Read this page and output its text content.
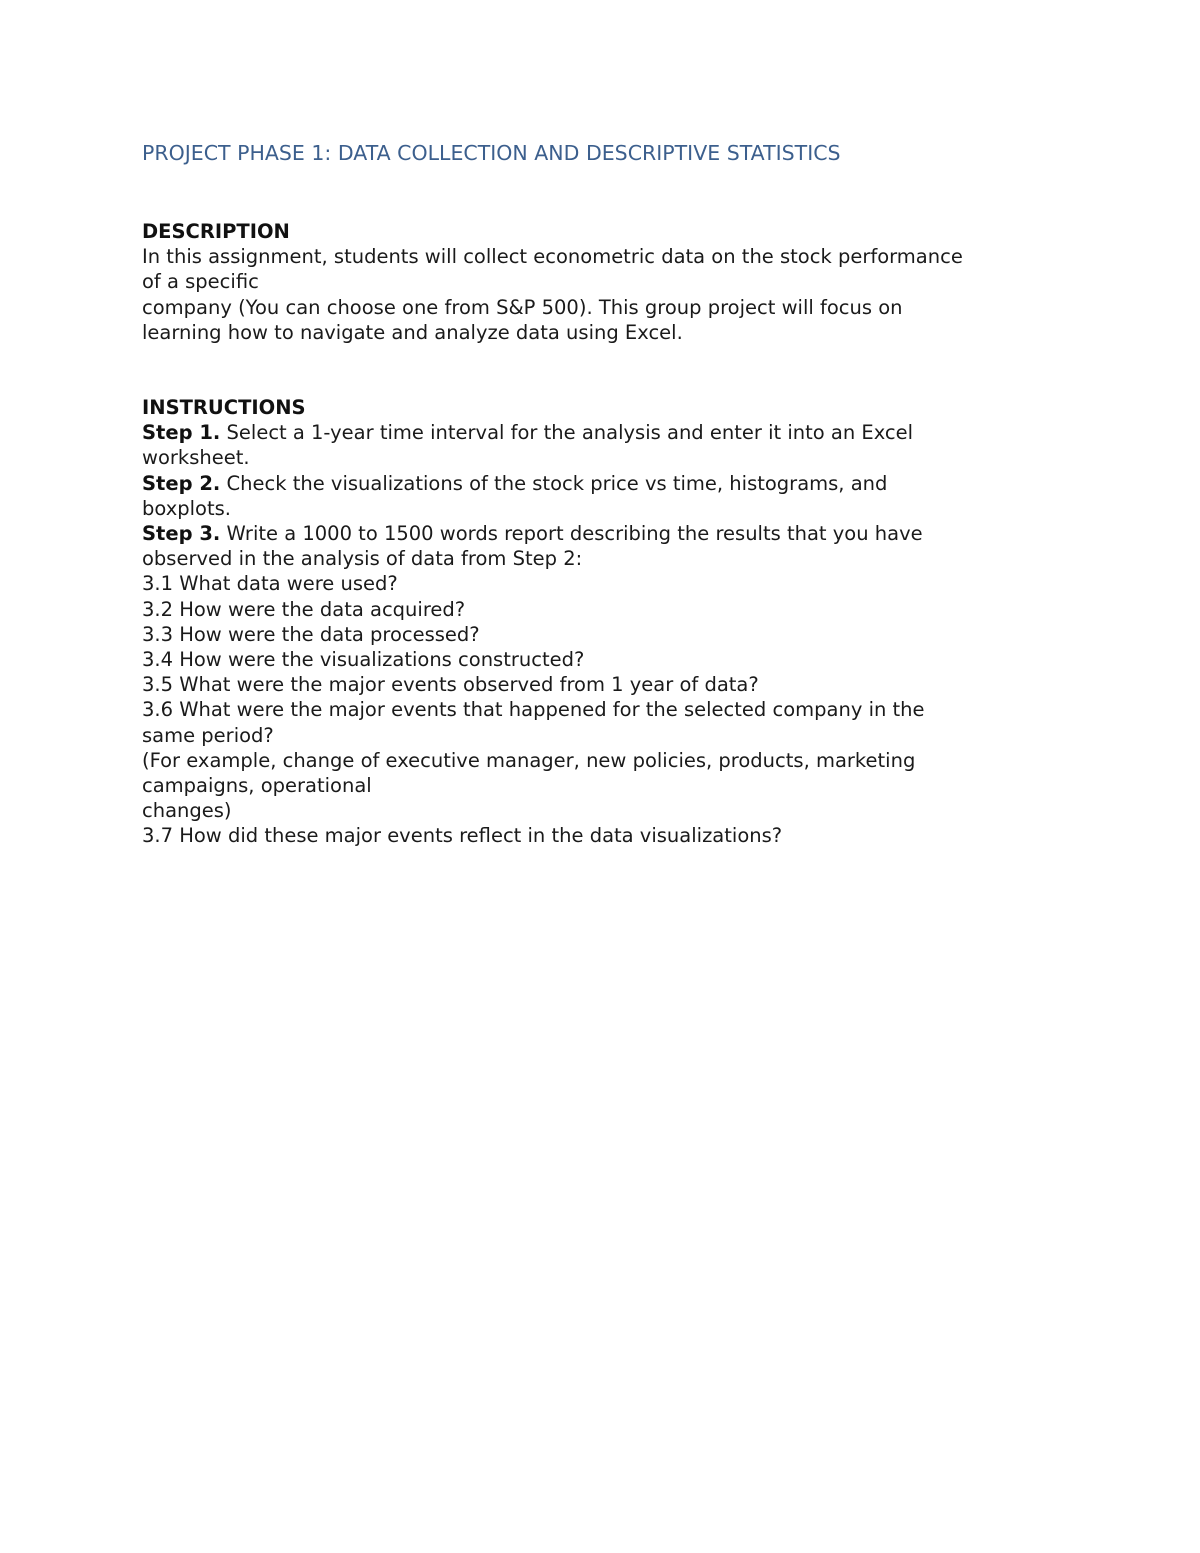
PROJECT PHASE 1: DATA COLLECTION AND DESCRIPTIVE STATISTICS

DESCRIPTION

In this assignment, students will collect econometric data on the stock performance

of a specific

company (You can choose one from S&P 500). This group project will focus on

learning how to navigate and analyze data using Excel.

INSTRUCTIONS

Step 1. Select a 1-year time interval for the analysis and enter it into an Excel

worksheet.

Step 2. Check the visualizations of the stock price vs time, histograms, and

boxplots.

Step 3. Write a 1000 to 1500 words report describing the results that you have

observed in the analysis of data from Step 2:

3.1 What data were used?

3.2 How were the data acquired?

3.3 How were the data processed?

3.4 How were the visualizations constructed?

3.5 What were the major events observed from 1 year of data?

3.6 What were the major events that happened for the selected company in the

same period?

(For example, change of executive manager, new policies, products, marketing

campaigns, operational

changes)

3.7 How did these major events reflect in the data visualizations?
